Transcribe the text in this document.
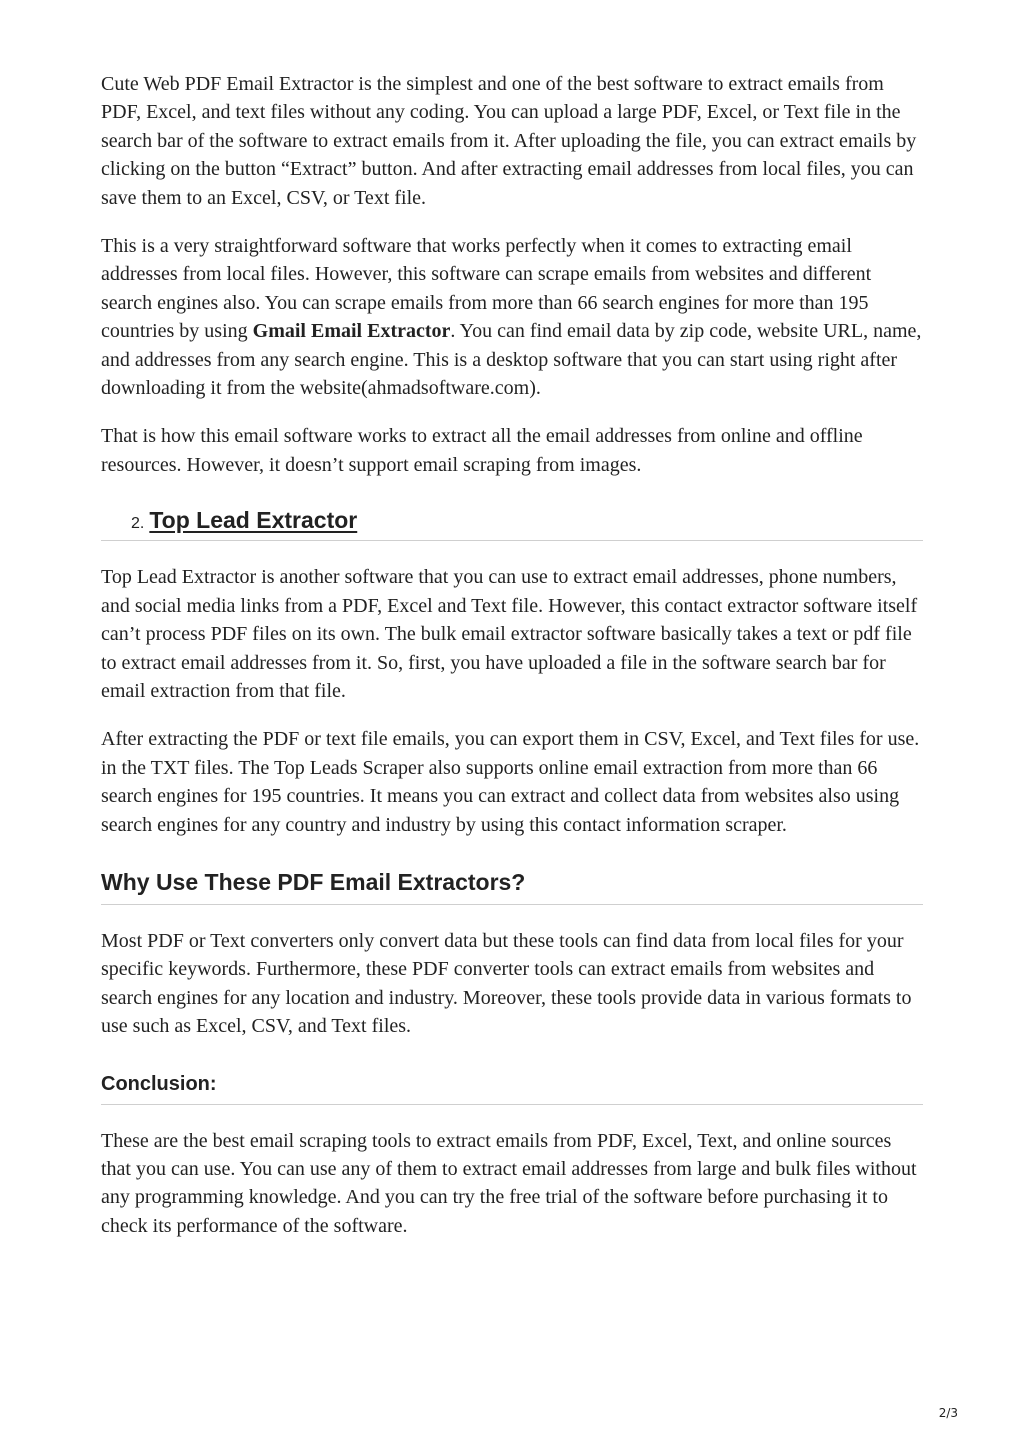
Cute Web PDF Email Extractor is the simplest and one of the best software to extract emails from PDF, Excel, and text files without any coding. You can upload a large PDF, Excel, or Text file in the search bar of the software to extract emails from it. After uploading the file, you can extract emails by clicking on the button “Extract” button. And after extracting email addresses from local files, you can save them to an Excel, CSV, or Text file.

This is a very straightforward software that works perfectly when it comes to extracting email addresses from local files. However, this software can scrape emails from websites and different search engines also. You can scrape emails from more than 66 search engines for more than 195 countries by using Gmail Email Extractor. You can find email data by zip code, website URL, name, and addresses from any search engine. This is a desktop software that you can start using right after downloading it from the website(ahmadsoftware.com).

That is how this email software works to extract all the email addresses from online and offline resources. However, it doesn’t support email scraping from images.

2. Top Lead Extractor

Top Lead Extractor is another software that you can use to extract email addresses, phone numbers, and social media links from a PDF, Excel and Text file. However, this contact extractor software itself can’t process PDF files on its own. The bulk email extractor software basically takes a text or pdf file to extract email addresses from it. So, first, you have uploaded a file in the software search bar for email extraction from that file.

After extracting the PDF or text file emails, you can export them in CSV, Excel, and Text files for use. in the TXT files. The Top Leads Scraper also supports online email extraction from more than 66 search engines for 195 countries. It means you can extract and collect data from websites also using search engines for any country and industry by using this contact information scraper.

Why Use These PDF Email Extractors?

Most PDF or Text converters only convert data but these tools can find data from local files for your specific keywords. Furthermore, these PDF converter tools can extract emails from websites and search engines for any location and industry. Moreover, these tools provide data in various formats to use such as Excel, CSV, and Text files.

Conclusion:

These are the best email scraping tools to extract emails from PDF, Excel, Text, and online sources that you can use. You can use any of them to extract email addresses from large and bulk files without any programming knowledge. And you can try the free trial of the software before purchasing it to check its performance of the software.

2/3
